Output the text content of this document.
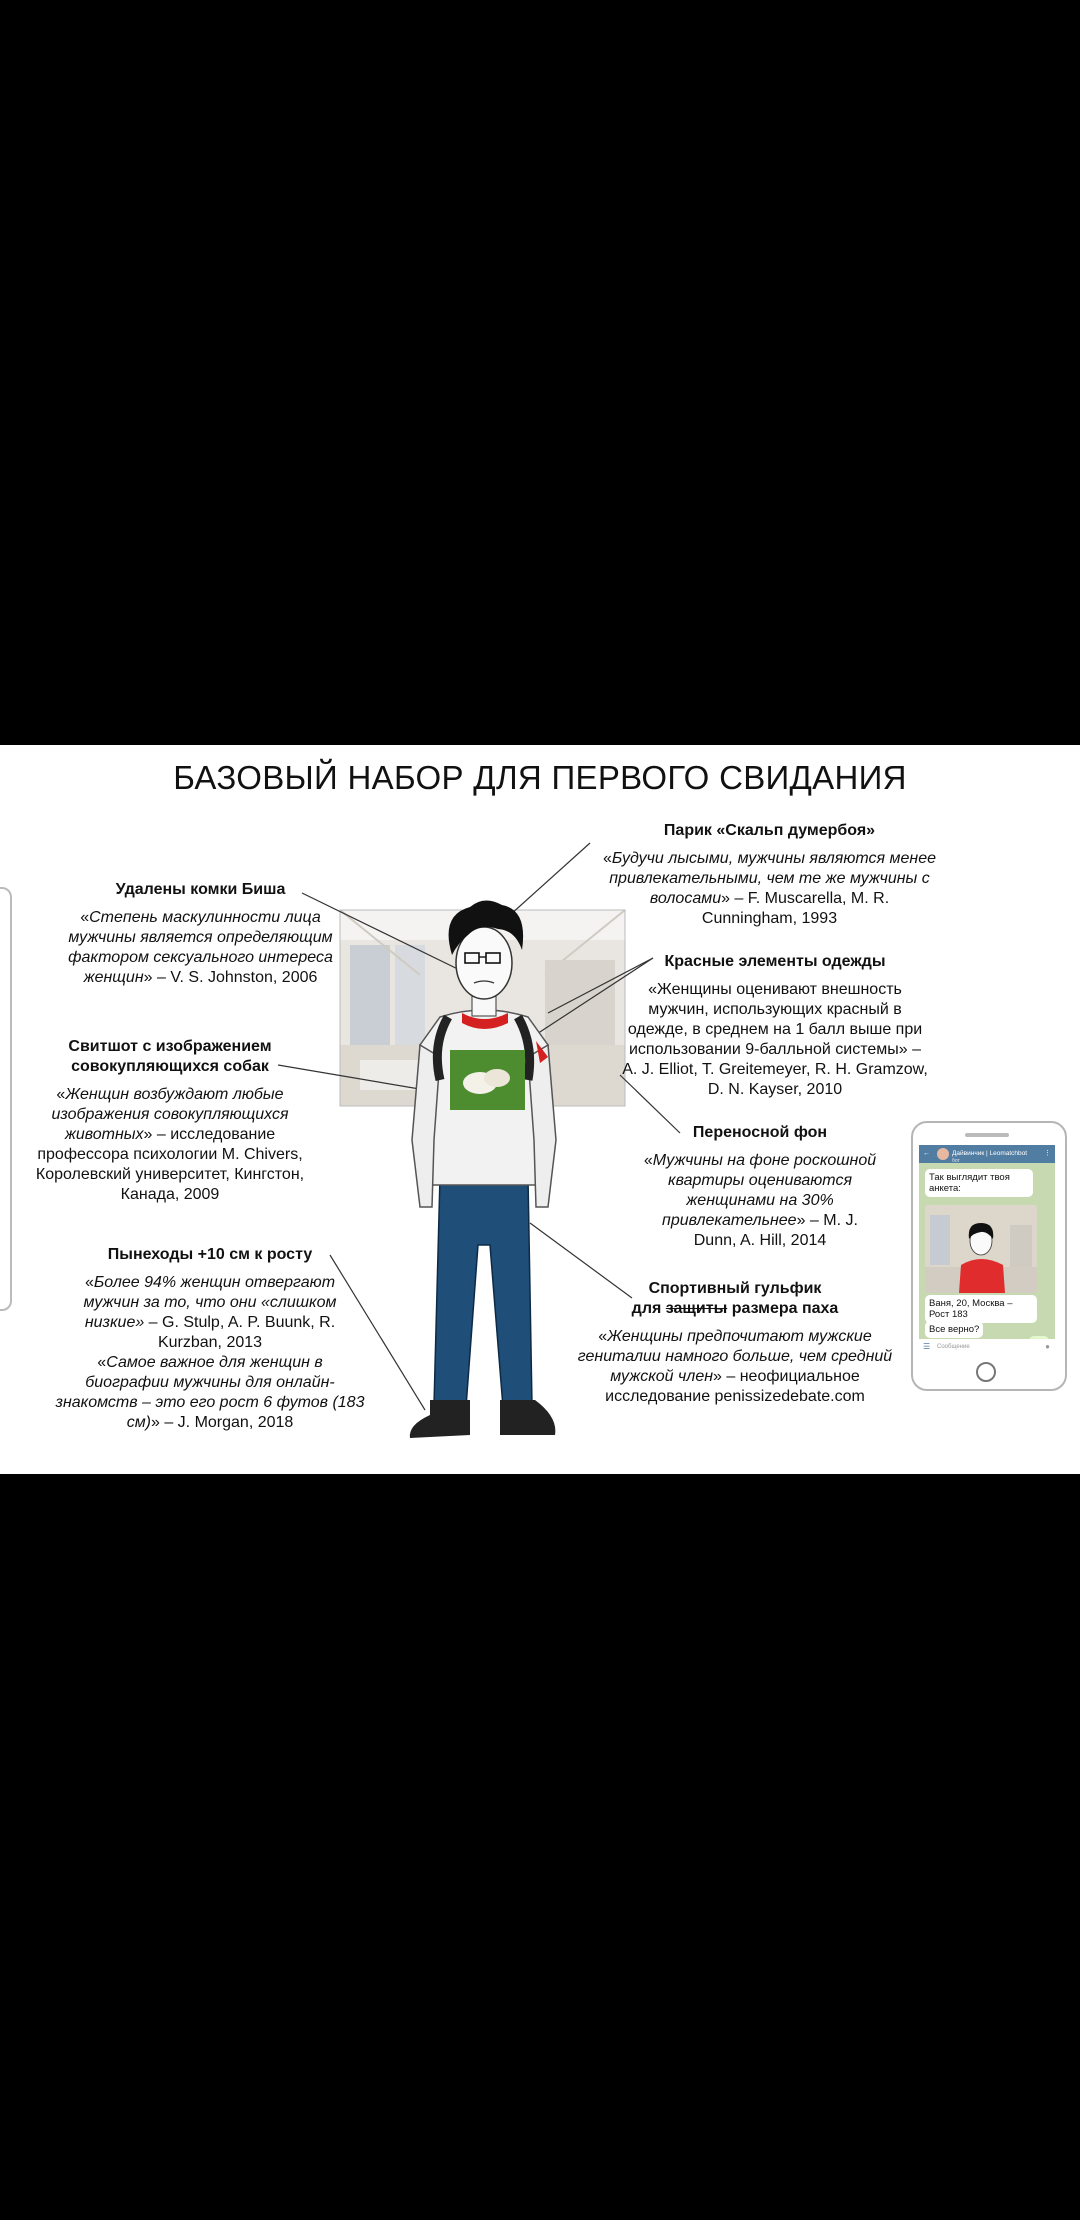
БАЗОВЫЙ НАБОР ДЛЯ ПЕРВОГО СВИДАНИЯ
Парик «Скальп думербоя»
«Будучи лысыми, мужчины являются менее привлекательными, чем те же мужчины с волосами» – F. Muscarella, M. R. Cunningham, 1993
Удалены комки Биша
«Степень маскулинности лица мужчины является определяющим фактором сексуального интереса женщин» – V. S. Johnston, 2006
Красные элементы одежды
«Женщины оценивают внешность мужчин, использующих красный в одежде, в среднем на 1 балл выше при использовании 9-балльной системы» – A. J. Elliot, T. Greitemeyer, R. H. Gramzow, D. N. Kayser, 2010
Свитшот с изображением совокупляющихся собак
«Женщин возбуждают любые изображения совокупляющихся животных» – исследование профессора психологии M. Chivers, Королевский университет, Кингстон, Канада, 2009
Переносной фон
«Мужчины на фоне роскошной квартиры оцениваются женщинами на 30% привлекательнее» – M. J. Dunn, A. Hill, 2014
Пынеходы +10 см к росту
«Более 94% женщин отвергают мужчин за то, что они «слишком низкие» – G. Stulp, A. P. Buunk, R. Kurzban, 2013
«Самое важное для женщин в биографии мужчины для онлайн-знакомств – это его рост 6 футов (183 см)» – J. Morgan, 2018
Спортивный гульфик
для защиты размера паха
«Женщины предпочитают мужские гениталии намного больше, чем средний мужской член» – неофициальное исследование penissizedebate.com
←	Дайвинчик | Leomatchbot
бот
⋮
Так выглядит твоя анкета:
Ваня, 20, Москва – Рост 183
Все верно?
☰ Сообщение	●
